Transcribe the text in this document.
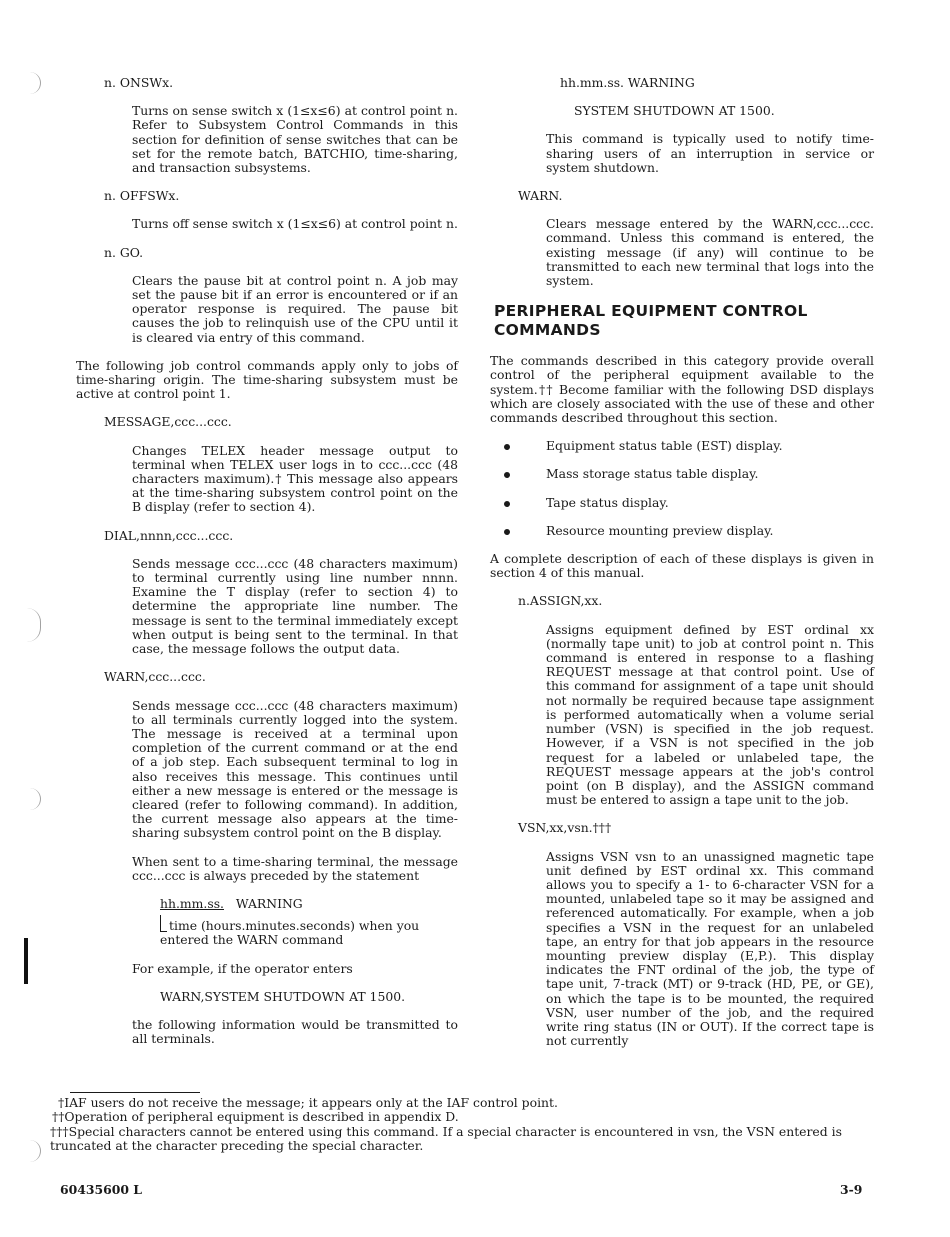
n. ONSWx.

Turns on sense switch x (1≤x≤6) at control point n. Refer to Subsystem Control Commands in this section for definition of sense switches that can be set for the remote batch, BATCHIO, time-sharing, and transaction subsystems.

n. OFFSWx.

Turns off sense switch x (1≤x≤6) at control point n.

n. GO.

Clears the pause bit at control point n. A job may set the pause bit if an error is encountered or if an operator response is required. The pause bit causes the job to relinquish use of the CPU until it is cleared via entry of this command.

The following job control commands apply only to jobs of time-sharing origin. The time-sharing subsystem must be active at control point 1.

MESSAGE,ccc...ccc.

Changes TELEX header message output to terminal when TELEX user logs in to ccc...ccc (48 characters maximum).† This message also appears at the time-sharing subsystem control point on the B display (refer to section 4).

DIAL,nnnn,ccc...ccc.

Sends message ccc...ccc (48 characters maximum) to terminal currently using line number nnnn. Examine the T display (refer to section 4) to determine the appropriate line number. The message is sent to the terminal immediately except when output is being sent to the terminal. In that case, the message follows the output data.

WARN,ccc...ccc.

Sends message ccc...ccc (48 characters maximum) to all terminals currently logged into the system. The message is received at a terminal upon completion of the current command or at the end of a job step. Each subsequent terminal to log in also receives this message. This continues until either a new message is entered or the message is cleared (refer to following command). In addition, the current message also appears at the time-sharing subsystem control point on the B display.

When sent to a time-sharing terminal, the message ccc...ccc is always preceded by the statement

hh.mm.ss. WARNING

time (hours.minutes.seconds) when you entered the WARN command

For example, if the operator enters

WARN,SYSTEM SHUTDOWN AT 1500.

the following information would be transmitted to all terminals.

hh.mm.ss. WARNING

SYSTEM SHUTDOWN AT 1500.

This command is typically used to notify time-sharing users of an interruption in service or system shutdown.

WARN.

Clears message entered by the WARN,ccc...ccc. command. Unless this command is entered, the existing message (if any) will continue to be transmitted to each new terminal that logs into the system.

PERIPHERAL EQUIPMENT CONTROL
COMMANDS

The commands described in this category provide overall control of the peripheral equipment available to the system.†† Become familiar with the following DSD displays which are closely associated with the use of these and other commands described throughout this section.

Equipment status table (EST) display.

Mass storage status table display.

Tape status display.

Resource mounting preview display.

A complete description of each of these displays is given in section 4 of this manual.

n.ASSIGN,xx.

Assigns equipment defined by EST ordinal xx (normally tape unit) to job at control point n. This command is entered in response to a flashing REQUEST message at that control point. Use of this command for assignment of a tape unit should not normally be required because tape assignment is performed automatically when a volume serial number (VSN) is specified in the job request. However, if a VSN is not specified in the job request for a labeled or unlabeled tape, the REQUEST message appears at the job's control point (on B display), and the ASSIGN command must be entered to assign a tape unit to the job.

VSN,xx,vsn.†††

Assigns VSN vsn to an unassigned magnetic tape unit defined by EST ordinal xx. This command allows you to specify a 1- to 6-character VSN for a mounted, unlabeled tape so it may be assigned and referenced automatically. For example, when a job specifies a VSN in the request for an unlabeled tape, an entry for that job appears in the resource mounting preview display (E,P.). This display indicates the FNT ordinal of the job, the type of tape unit, 7-track (MT) or 9-track (HD, PE, or GE), on which the tape is to be mounted, the required VSN, user number of the job, and the required write ring status (IN or OUT). If the correct tape is not currently

†IAF users do not receive the message; it appears only at the IAF control point.

††Operation of peripheral equipment is described in appendix D.

†††Special characters cannot be entered using this command. If a special character is encountered in vsn, the VSN entered is

truncated at the character preceding the special character.

60435600 L	3-9
